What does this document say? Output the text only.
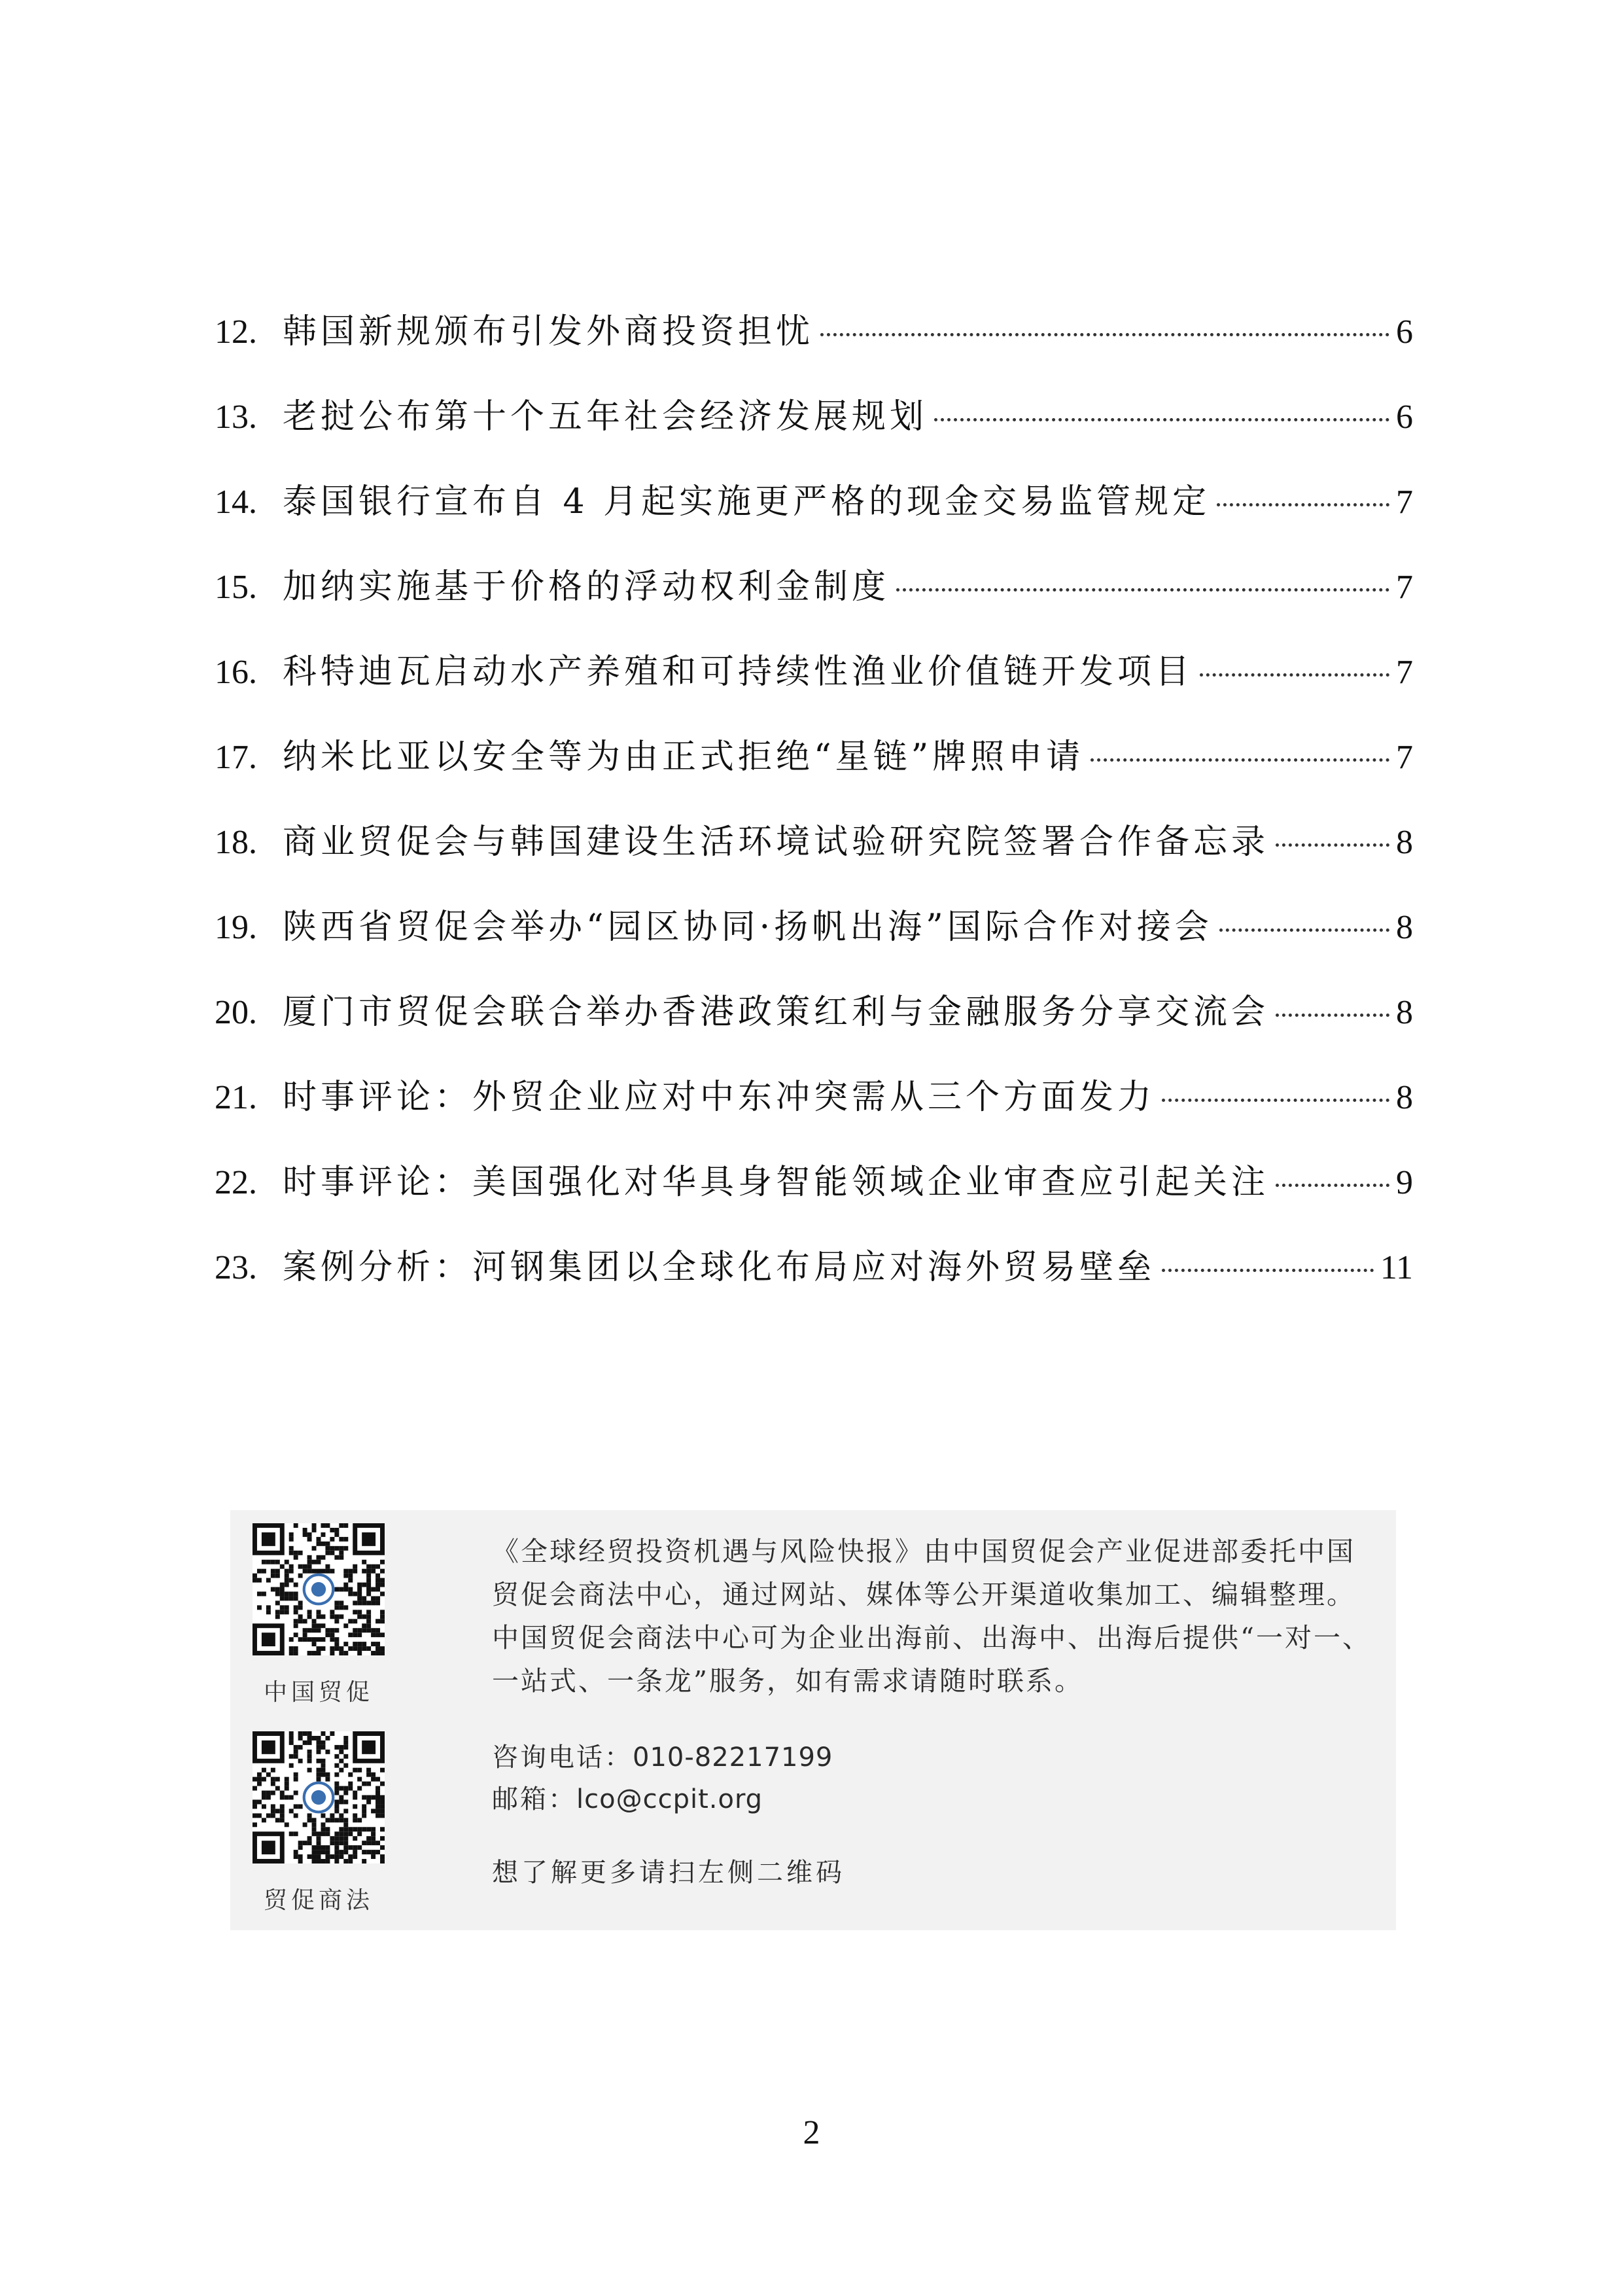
12. 韩国新规颁布引发外商投资担忧	6
13. 老挝公布第十个五年社会经济发展规划	6
14. 泰国银行宣布自 4 月起实施更严格的现金交易监管规定	7
15. 加纳实施基于价格的浮动权利金制度	7
16. 科特迪瓦启动水产养殖和可持续性渔业价值链开发项目	7
17. 纳米比亚以安全等为由正式拒绝“星链”牌照申请	7
18. 商业贸促会与韩国建设生活环境试验研究院签署合作备忘录	8
19. 陕西省贸促会举办“园区协同·扬帆出海”国际合作对接会	8
20. 厦门市贸促会联合举办香港政策红利与金融服务分享交流会	8
21. 时事评论：外贸企业应对中东冲突需从三个方面发力	8
22. 时事评论：美国强化对华具身智能领域企业审查应引起关注	9
23. 案例分析：河钢集团以全球化布局应对海外贸易壁垒	11
中国贸促
贸促商法
《全球经贸投资机遇与风险快报》由中国贸促会产业促进部委托中国贸促会商法中心，通过网站、媒体等公开渠道收集加工、编辑整理。中国贸促会商法中心可为企业出海前、出海中、出海后提供“一对一、一站式、一条龙”服务，如有需求请随时联系。
咨询电话：010-82217199
邮箱：lco@ccpit.org
想了解更多请扫左侧二维码
2
